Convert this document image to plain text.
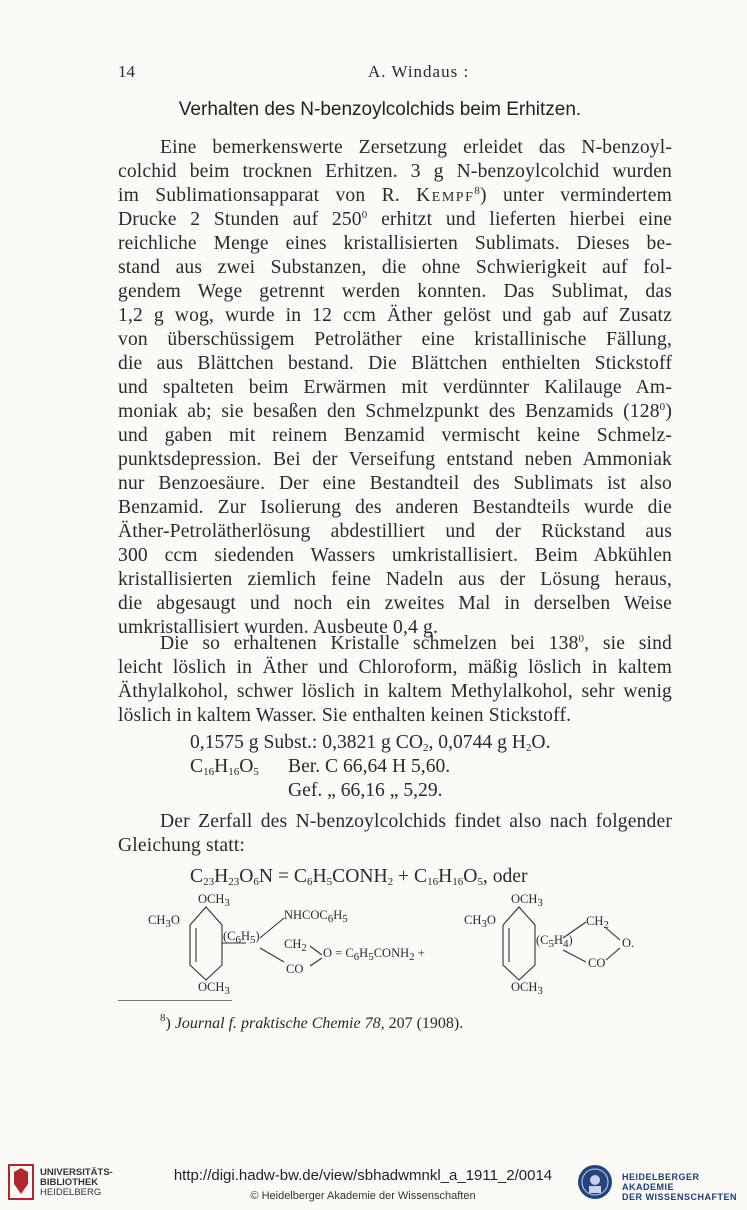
14	A. Windaus :
Verhalten des N-benzoylcolchids beim Erhitzen.
Eine bemerkenswerte Zersetzung erleidet das N-benzoyl-
colchid beim trocknen Erhitzen. 3 g N-benzoylcolchid wurden
im Sublimationsapparat von R. Kempf$^8$) unter vermindertem
Drucke 2 Stunden auf $250^0$ erhitzt und lieferten hierbei eine
reichliche Menge eines kristallisierten Sublimats. Dieses be-
stand aus zwei Substanzen, die ohne Schwierigkeit auf fol-
gendem Wege getrennt werden konnten. Das Sublimat, das
1,2 g wog, wurde in 12 ccm Äther gelöst und gab auf Zusatz
von überschüssigem Petroläther eine kristallinische Fällung,
die aus Blättchen bestand. Die Blättchen enthielten Stickstoff
und spalteten beim Erwärmen mit verdünnter Kalilauge Am-
moniak ab; sie besaßen den Schmelzpunkt des Benzamids $(128^0)$
und gaben mit reinem Benzamid vermischt keine Schmelz-
punktsdepression. Bei der Verseifung entstand neben Ammoniak
nur Benzoesäure. Der eine Bestandteil des Sublimats ist also
Benzamid. Zur Isolierung des anderen Bestandteils wurde die
Äther-Petrolätherlösung abdestilliert und der Rückstand aus
300 ccm siedenden Wassers umkristallisiert. Beim Abkühlen
kristallisierten ziemlich feine Nadeln aus der Lösung heraus,
die abgesaugt und noch ein zweites Mal in derselben Weise
umkristallisiert wurden. Ausbeute 0,4 g.
Die so erhaltenen Kristalle schmelzen bei $138^0$, sie sind
leicht löslich in Äther und Chloroform, mäßig löslich in kaltem
Äthylalkohol, schwer löslich in kaltem Methylalkohol, sehr wenig
löslich in kaltem Wasser. Sie enthalten keinen Stickstoff.
0,1575 g Subst.: 0,3821 g $CO_2$, 0,0744 g $H_2O$.
$C_{16}H_{16}O_5$ Ber. C 66,64 H 5,60.
Gef. „ 66,16 „ 5,29.
Der Zerfall des N-benzoylcolchids findet also nach folgender
Gleichung statt:
$C_{23}H_{23}O_6N$ = $C_6H_5CONH_2 + C_{16}H_{16}O_5$, oder
$OCH_3$
$CH_3O$	$NHCOC_6H_5$
$(C_6H_5)$
$CH_2$ $O = C_6H_5CONH_2$ +
CO
$OCH_3$
$OCH_3$
$CH_3O$
$(C_5H_4)$
$CH_2$
CO
O.
$OCH_3$
$^8$) Journal f. praktische Chemie 78, 207 (1908).
UNIVERSITÄTS-
BIBLIOTHEK
HEIDELBERG
http://digi.hadw-bw.de/view/sbhadwmnkl_a_1911_2/0014
© Heidelberger Akademie der Wissenschaften
HEIDELBERGER AKADEMIE
DER WISSENSCHAFTEN
